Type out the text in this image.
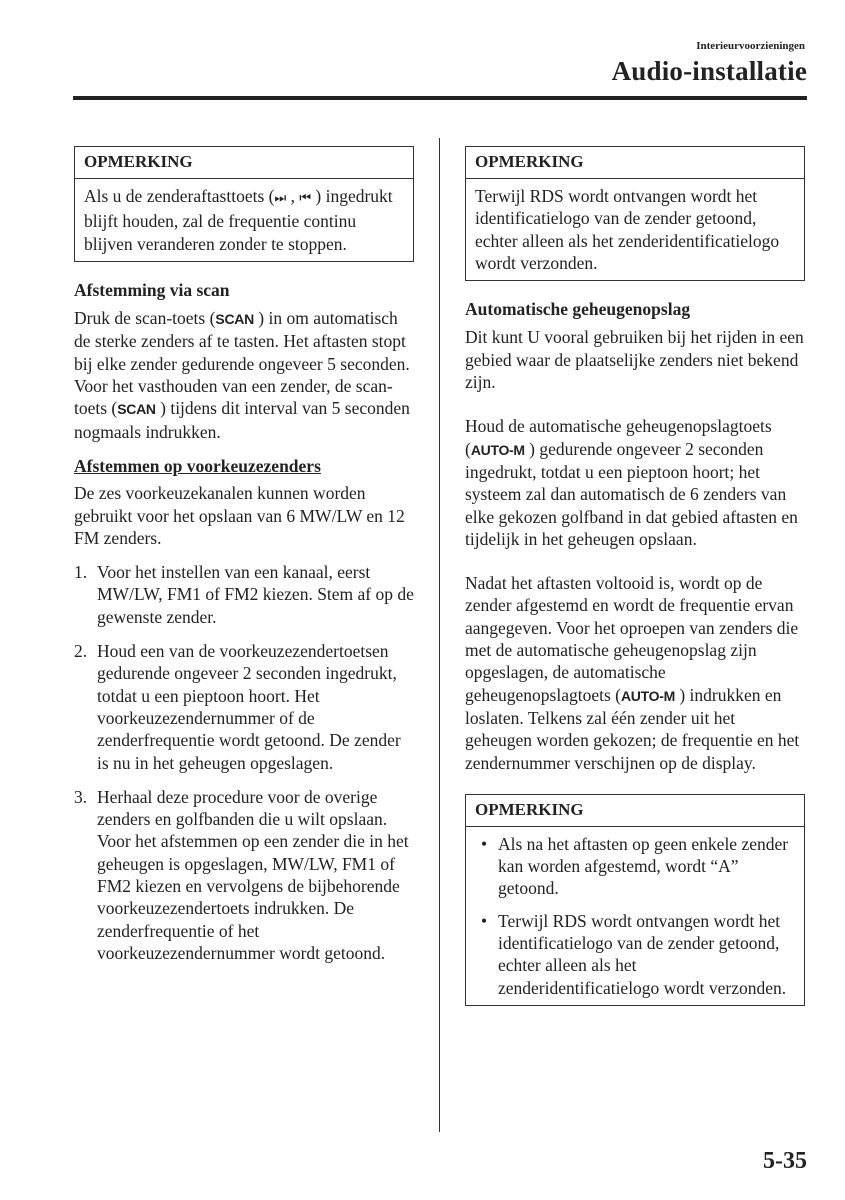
Interieurvoorzieningen
Audio-installatie
OPMERKING

Als u de zenderaftasttoets (⏭ , ⏮ ) ingedrukt blijft houden, zal de frequentie continu blijven veranderen zonder te stoppen.

Afstemming via scan

Druk de scan-toets (SCAN ) in om automatisch de sterke zenders af te tasten. Het aftasten stopt bij elke zender gedurende ongeveer 5 seconden. Voor het vasthouden van een zender, de scan-toets (SCAN ) tijdens dit interval van 5 seconden nogmaals indrukken.

Afstemmen op voorkeuzezenders

De zes voorkeuzekanalen kunnen worden gebruikt voor het opslaan van 6 MW/LW en 12 FM zenders.

1. Voor het instellen van een kanaal, eerst MW/LW, FM1 of FM2 kiezen. Stem af op de gewenste zender.
2. Houd een van de voorkeuzezendertoetsen gedurende ongeveer 2 seconden ingedrukt, totdat u een pieptoon hoort. Het voorkeuzezendernummer of de zenderfrequentie wordt getoond. De zender is nu in het geheugen opgeslagen.
3. Herhaal deze procedure voor de overige zenders en golfbanden die u wilt opslaan. Voor het afstemmen op een zender die in het geheugen is opgeslagen, MW/LW, FM1 of FM2 kiezen en vervolgens de bijbehorende voorkeuzezendertoets indrukken. De zenderfrequentie of het voorkeuzezendernummer wordt getoond.
OPMERKING

Terwijl RDS wordt ontvangen wordt het identificatielogo van de zender getoond, echter alleen als het zenderidentificatielogo wordt verzonden.

Automatische geheugenopslag

Dit kunt U vooral gebruiken bij het rijden in een gebied waar de plaatselijke zenders niet bekend zijn.

Houd de automatische geheugenopslagtoets (AUTO-M ) gedurende ongeveer 2 seconden ingedrukt, totdat u een pieptoon hoort; het systeem zal dan automatisch de 6 zenders van elke gekozen golfband in dat gebied aftasten en tijdelijk in het geheugen opslaan.

Nadat het aftasten voltooid is, wordt op de zender afgestemd en wordt de frequentie ervan aangegeven. Voor het oproepen van zenders die met de automatische geheugenopslag zijn opgeslagen, de automatische geheugenopslagtoets (AUTO-M ) indrukken en loslaten. Telkens zal één zender uit het geheugen worden gekozen; de frequentie en het zendernummer verschijnen op de display.

OPMERKING
• Als na het aftasten op geen enkele zender kan worden afgestemd, wordt “A” getoond.
• Terwijl RDS wordt ontvangen wordt het identificatielogo van de zender getoond, echter alleen als het zenderidentificatielogo wordt verzonden.
5-35
